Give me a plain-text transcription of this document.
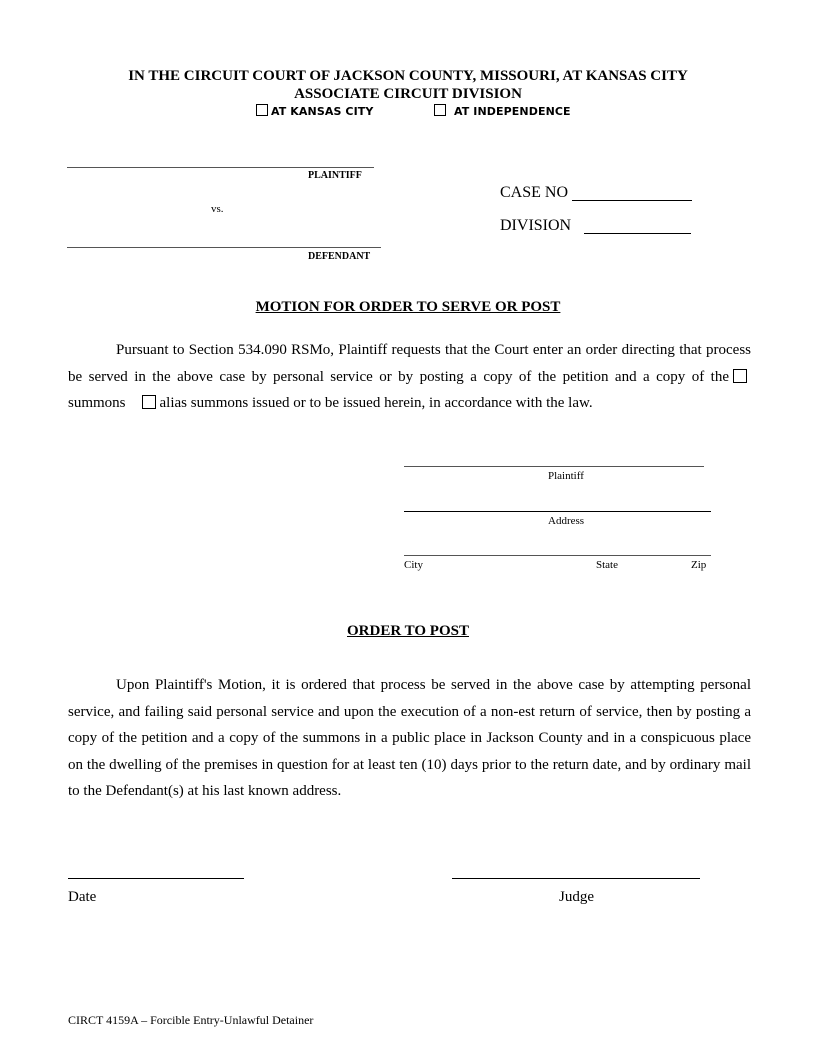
IN THE CIRCUIT COURT OF JACKSON COUNTY, MISSOURI, AT KANSAS CITY
ASSOCIATE CIRCUIT DIVISION
AT KANSAS CITY	AT INDEPENDENCE
PLAINTIFF
vs.
DEFENDANT
CASE NO
DIVISION
MOTION FOR ORDER TO SERVE OR POST
Pursuant to Section 534.090 RSMo, Plaintiff requests that the Court enter an order directing that process be served in the above case by personal service or by posting a copy of the petition and a copy of thesummons alias summons issued or to be issued herein, in accordance with the law.
Plaintiff
Address
City	State	Zip
ORDER TO POST
Upon Plaintiff's Motion, it is ordered that process be served in the above case by attempting personal service, and failing said personal service and upon the execution of a non-est return of service, then by posting a copy of the petition and a copy of the summons in a public place in Jackson County and in a conspicuous place on the dwelling of the premises in question for at least ten (10) days prior to the return date, and by ordinary mail to the Defendant(s) at his last known address.
Date	Judge
CIRCT 4159A – Forcible Entry-Unlawful Detainer
